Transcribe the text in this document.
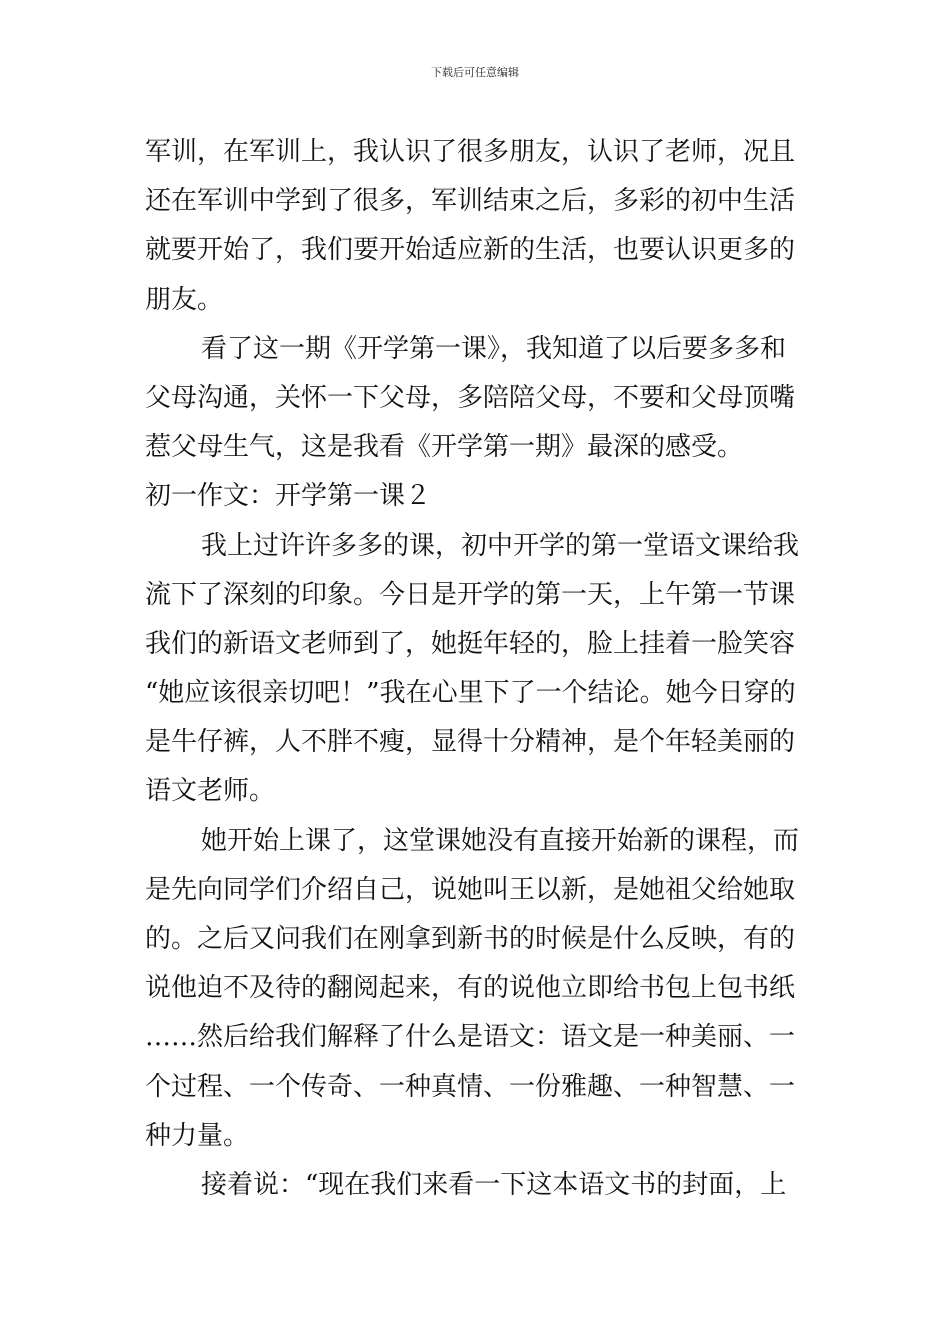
下载后可任意编辑
军训，在军训上，我认识了很多朋友，认识了老师，况且
还在军训中学到了很多，军训结束之后，多彩的初中生活
就要开始了，我们要开始适应新的生活，也要认识更多的
朋友。
看了这一期《开学第一课》，我知道了以后要多多和
父母沟通，关怀一下父母，多陪陪父母，不要和父母顶嘴
惹父母生气，这是我看《开学第一期》最深的感受。
初一作文：开学第一课２
我上过许许多多的课，初中开学的第一堂语文课给我
流下了深刻的印象。今日是开学的第一天，上午第一节课
我们的新语文老师到了，她挺年轻的，脸上挂着一脸笑容
“她应该很亲切吧！”我在心里下了一个结论。她今日穿的
是牛仔裤，人不胖不瘦，显得十分精神，是个年轻美丽的
语文老师。
她开始上课了，这堂课她没有直接开始新的课程，而
是先向同学们介绍自己，说她叫王以新，是她祖父给她取
的。之后又问我们在刚拿到新书的时候是什么反映，有的
说他迫不及待的翻阅起来，有的说他立即给书包上包书纸
……然后给我们解释了什么是语文：语文是一种美丽、一
个过程、一个传奇、一种真情、一份雅趣、一种智慧、一
种力量。
接着说：“现在我们来看一下这本语文书的封面，上
